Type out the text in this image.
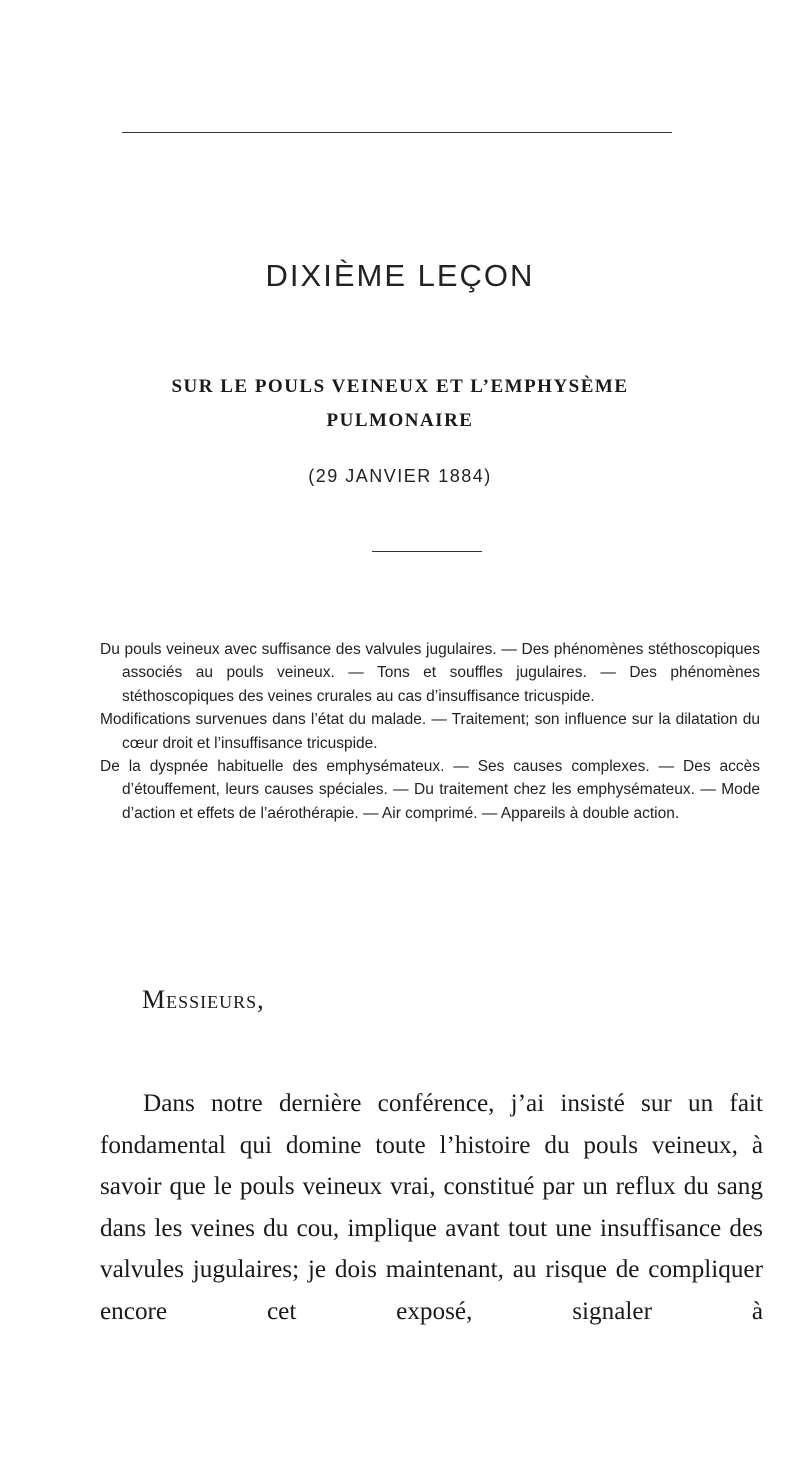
DIXIÈME LEÇON
SUR LE POULS VEINEUX ET L’EMPHYSÈME
PULMONAIRE
(29 JANVIER 1884)

Du pouls veineux avec suffisance des valvules jugulaires. — Des phénomènes stéthoscopiques associés au pouls veineux. — Tons et souffles jugulaires. — Des phénomènes stéthoscopiques des veines crurales au cas d’insuffisance tricuspide.

Modifications survenues dans l’état du malade. — Traitement; son influence sur la dilatation du cœur droit et l’insuffisance tricuspide.

De la dyspnée habituelle des emphysémateux. — Ses causes complexes. — Des accès d’étouffement, leurs causes spéciales. — Du traitement chez les emphysémateux. — Mode d’action et effets de l’aérothérapie. — Air comprimé. — Appareils à double action.

Messieurs,

Dans notre dernière conférence, j’ai insisté sur un fait fondamental qui domine toute l’histoire du pouls veineux, à savoir que le pouls veineux vrai, constitué par un reflux du sang dans les veines du cou, implique avant tout une insuffisance des valvules jugulaires; je dois maintenant, au risque de compliquer encore cet exposé, signaler à
